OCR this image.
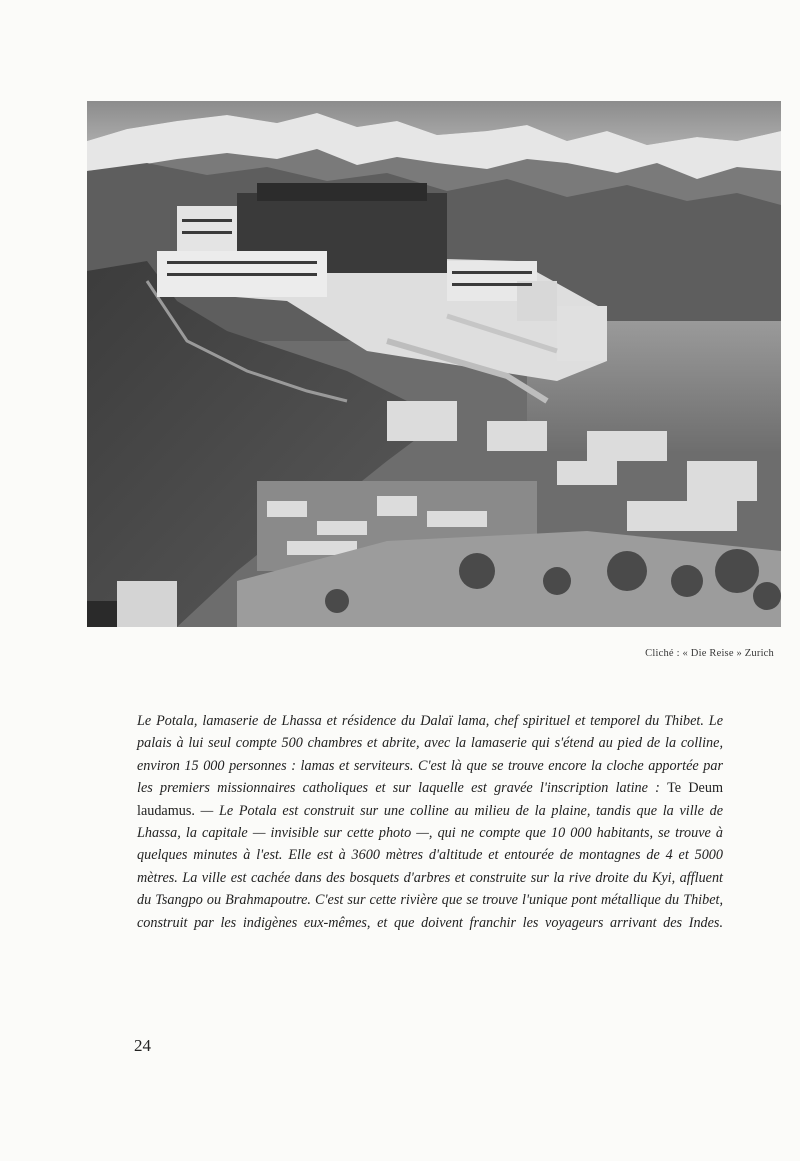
Cliché : « Die Reise » Zurich
Le Potala, lamaserie de Lhassa et résidence du Dalaï lama, chef spirituel et temporel du Thibet. Le palais à lui seul compte 500 chambres et abrite, avec la lamaserie qui s'étend au pied de la colline, environ 15 000 personnes : lamas et serviteurs. C'est là que se trouve encore la cloche apportée par les premiers missionnaires catholiques et sur laquelle est gravée l'inscription latine : Te Deum laudamus. — Le Potala est construit sur une colline au milieu de la plaine, tandis que la ville de Lhassa, la capitale — invisible sur cette photo —, qui ne compte que 10 000 habitants, se trouve à quelques minutes à l'est. Elle est à 3600 mètres d'altitude et entourée de montagnes de 4 et 5000 mètres. La ville est cachée dans des bosquets d'arbres et construite sur la rive droite du Kyi, affluent du Tsangpo ou Brahmapoutre. C'est sur cette rivière que se trouve l'unique pont métallique du Thibet, construit par les indigènes eux-mêmes, et que doivent franchir les voyageurs arrivant des Indes.
24
